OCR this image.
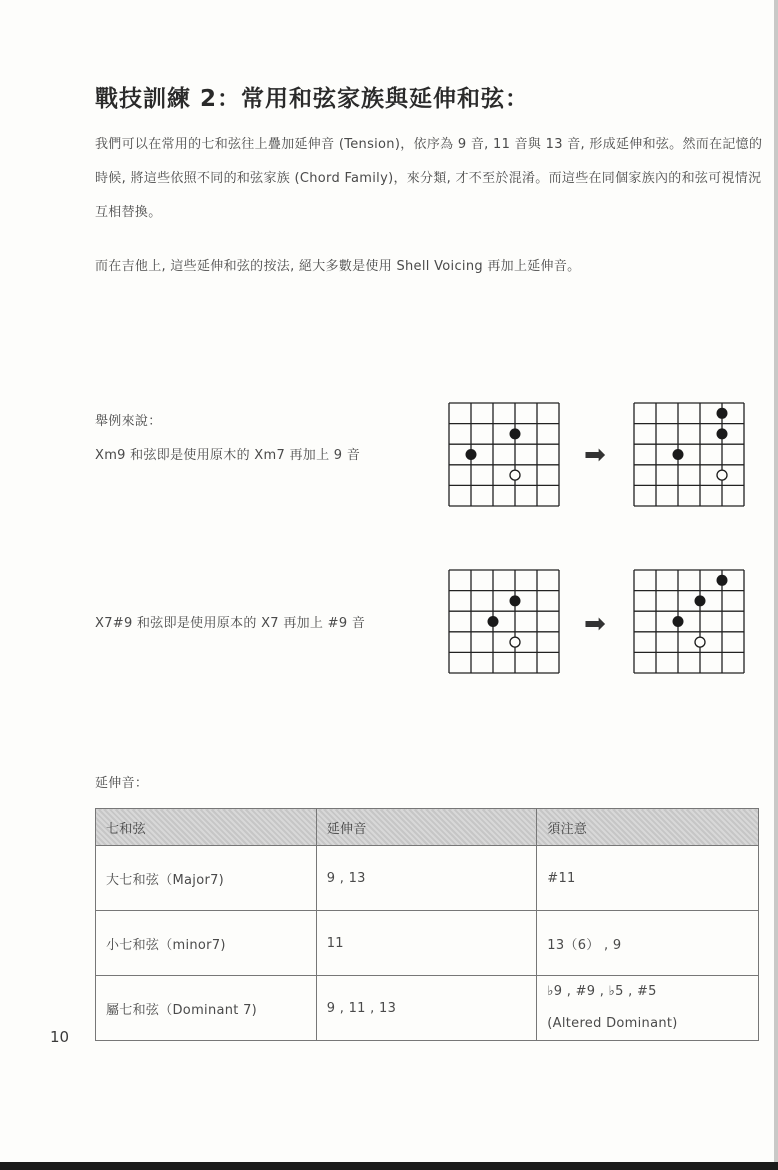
戰技訓練 2：常用和弦家族與延伸和弦：

我們可以在常用的七和弦往上疊加延伸音 (Tension)，依序為 9 音, 11 音與 13 音, 形成延伸和弦。然而在記憶的時候, 將這些依照不同的和弦家族 (Chord Family)，來分類, 才不至於混淆。而這些在同個家族內的和弦可視情況互相替換。

而在吉他上, 這些延伸和弦的按法, 絕大多數是使用 Shell Voicing 再加上延伸音。

舉例來說：

Xm9 和弦即是使用原木的 Xm7 再加上 9 音

X7#9 和弦即是使用原本的 X7 再加上 #9 音

➡
➡

延伸音：

七和弦	延伸音	須注意
大七和弦（Major7)	9 , 13	#11
小七和弦（minor7)	11	13（6） , 9
屬七和弦（Dominant 7)	9 , 11 , 13	♭9 , #9 , ♭5 , #5
(Altered Dominant)
10
